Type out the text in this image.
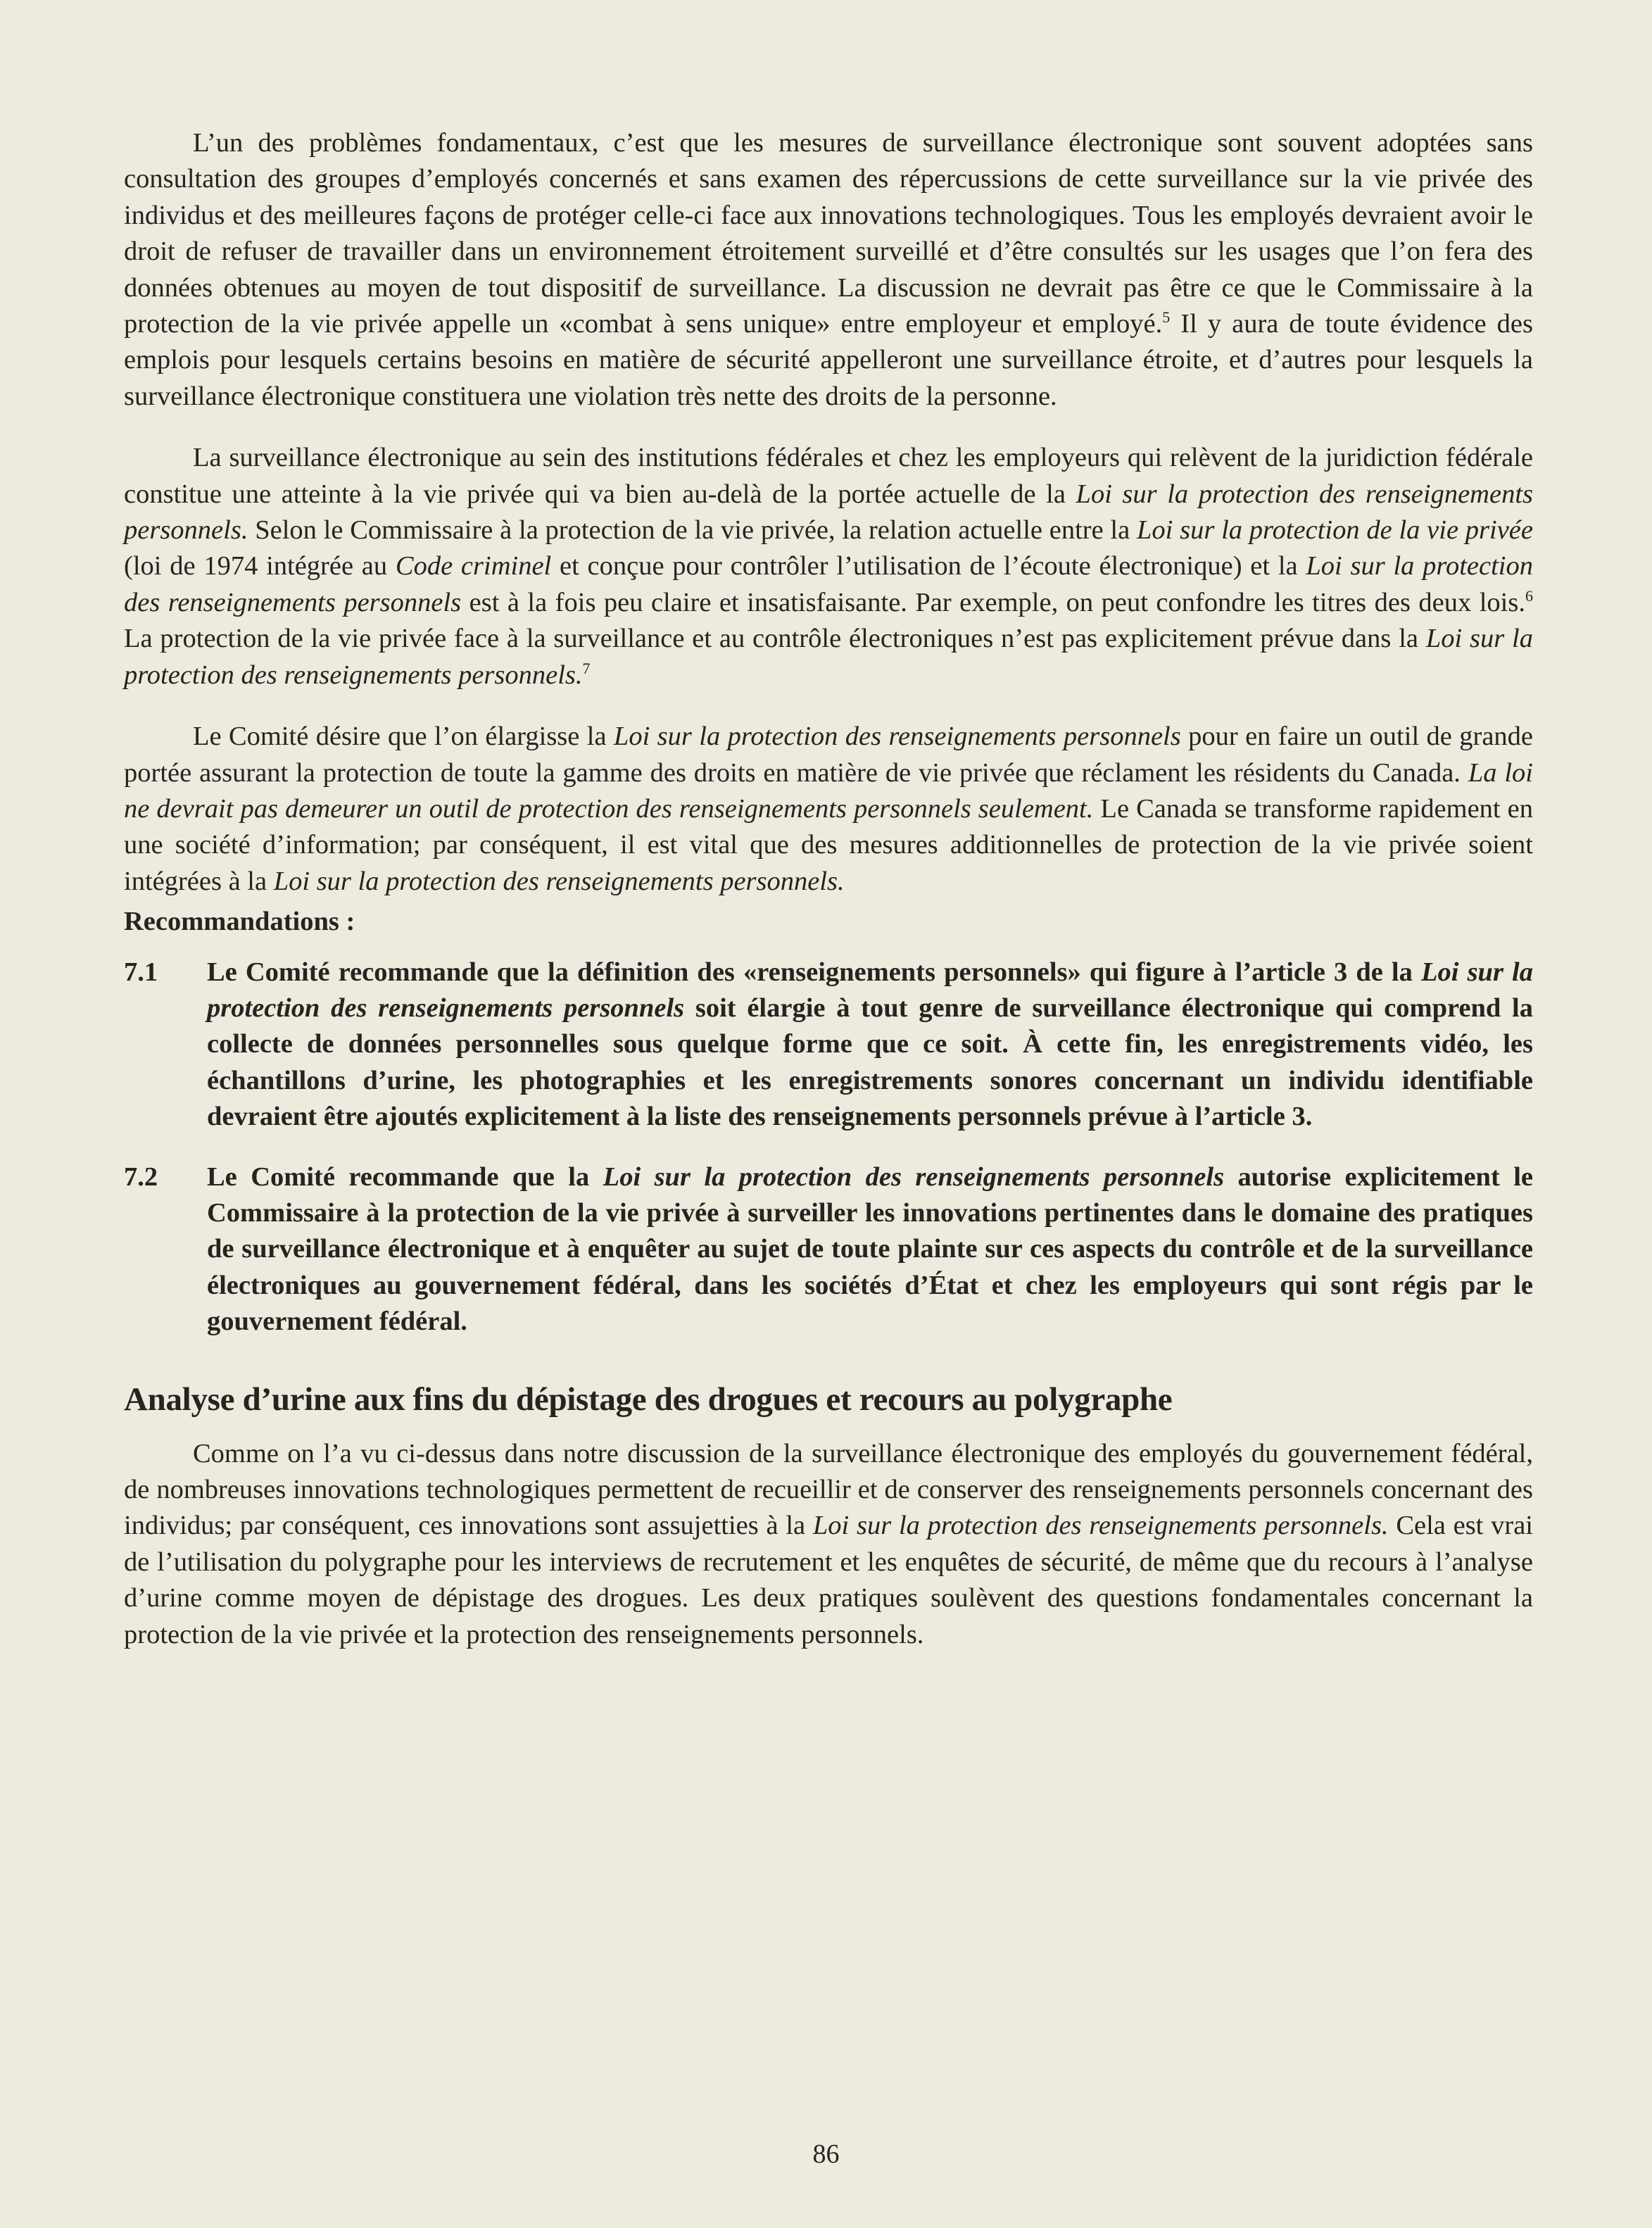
L’un des problèmes fondamentaux, c’est que les mesures de surveillance électronique sont souvent adoptées sans consultation des groupes d’employés concernés et sans examen des répercussions de cette surveillance sur la vie privée des individus et des meilleures façons de protéger celle-ci face aux innovations technologiques. Tous les employés devraient avoir le droit de refuser de travailler dans un environnement étroitement surveillé et d’être consultés sur les usages que l’on fera des données obtenues au moyen de tout dispositif de surveillance. La discussion ne devrait pas être ce que le Commissaire à la protection de la vie privée appelle un «combat à sens unique» entre employeur et employé.$^5$ Il y aura de toute évidence des emplois pour lesquels certains besoins en matière de sécurité appelleront une surveillance étroite, et d’autres pour lesquels la surveillance électronique constituera une violation très nette des droits de la personne.

La surveillance électronique au sein des institutions fédérales et chez les employeurs qui relèvent de la juridiction fédérale constitue une atteinte à la vie privée qui va bien au-delà de la portée actuelle de la Loi sur la protection des renseignements personnels. Selon le Commissaire à la protection de la vie privée, la relation actuelle entre la Loi sur la protection de la vie privée (loi de 1974 intégrée au Code criminel et conçue pour contrôler l’utilisation de l’écoute électronique) et la Loi sur la protection des renseignements personnels est à la fois peu claire et insatisfaisante. Par exemple, on peut confondre les titres des deux lois.$^6$ La protection de la vie privée face à la surveillance et au contrôle électroniques n’est pas explicitement prévue dans la Loi sur la protection des renseignements personnels.$^7$

Le Comité désire que l’on élargisse la Loi sur la protection des renseignements personnels pour en faire un outil de grande portée assurant la protection de toute la gamme des droits en matière de vie privée que réclament les résidents du Canada. La loi ne devrait pas demeurer un outil de protection des renseignements personnels seulement. Le Canada se transforme rapidement en une société d’information; par conséquent, il est vital que des mesures additionnelles de protection de la vie privée soient intégrées à la Loi sur la protection des renseignements personnels.

Recommandations :
7.1	Le Comité recommande que la définition des «renseignements personnels» qui figure à l’article 3 de la Loi sur la protection des renseignements personnels soit élargie à tout genre de surveillance électronique qui comprend la collecte de données personnelles sous quelque forme que ce soit. À cette fin, les enregistrements vidéo, les échantillons d’urine, les photographies et les enregistrements sonores concernant un individu identifiable devraient être ajoutés explicitement à la liste des renseignements personnels prévue à l’article 3.
7.2	Le Comité recommande que la Loi sur la protection des renseignements personnels autorise explicitement le Commissaire à la protection de la vie privée à surveiller les innovations pertinentes dans le domaine des pratiques de surveillance électronique et à enquêter au sujet de toute plainte sur ces aspects du contrôle et de la surveillance électroniques au gouvernement fédéral, dans les sociétés d’État et chez les employeurs qui sont régis par le gouvernement fédéral.
Analyse d’urine aux fins du dépistage des drogues et recours au polygraphe

Comme on l’a vu ci-dessus dans notre discussion de la surveillance électronique des employés du gouvernement fédéral, de nombreuses innovations technologiques permettent de recueillir et de conserver des renseignements personnels concernant des individus; par conséquent, ces innovations sont assujetties à la Loi sur la protection des renseignements personnels. Cela est vrai de l’utilisation du polygraphe pour les interviews de recrutement et les enquêtes de sécurité, de même que du recours à l’analyse d’urine comme moyen de dépistage des drogues. Les deux pratiques soulèvent des questions fondamentales concernant la protection de la vie privée et la protection des renseignements personnels.

86
